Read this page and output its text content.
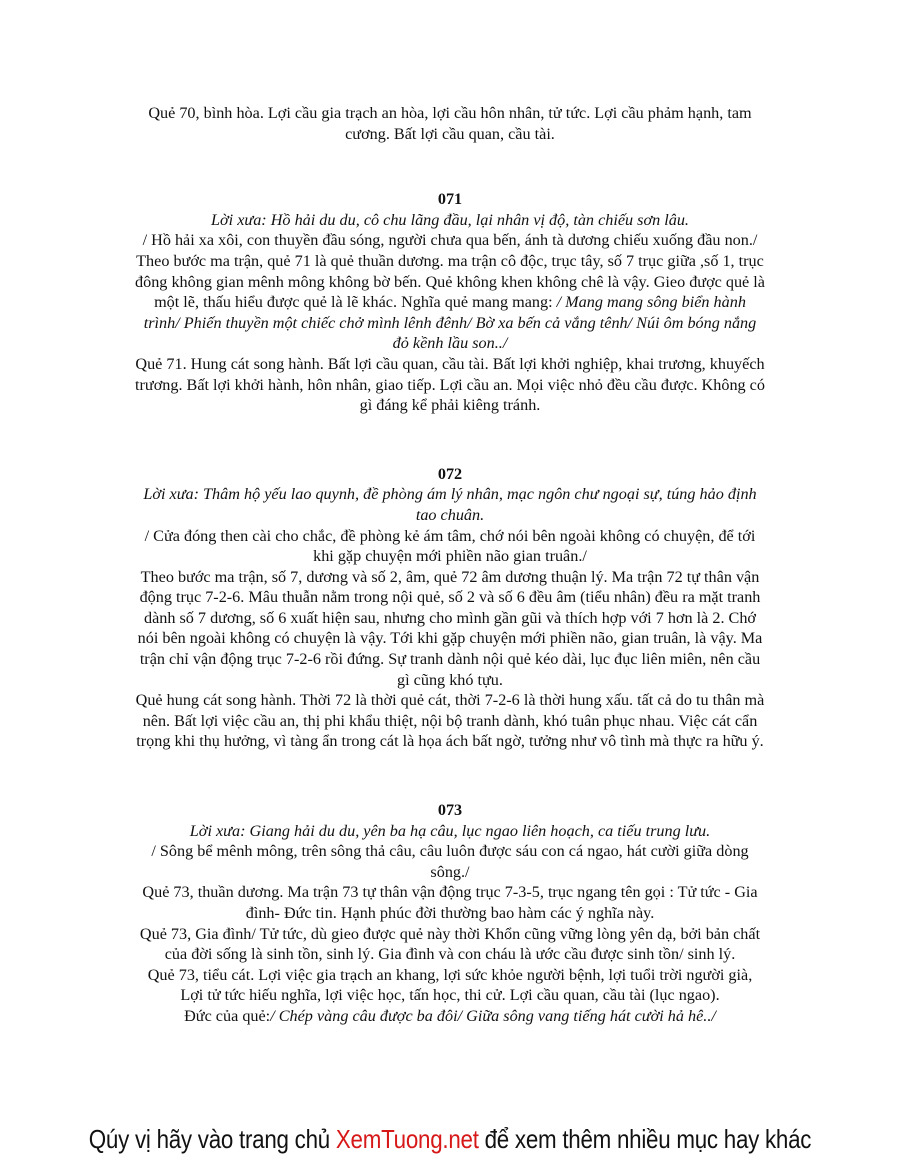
Quẻ 70, bình hòa. Lợi cầu gia trạch an hòa, lợi cầu hôn nhân, tử tức. Lợi cầu phảm hạnh, tam

cương. Bất lợi cầu quan, cầu tài.

071

Lời xưa: Hồ hải du du, cô chu lãng đầu, lại nhân vị độ, tàn chiếu sơn lâu.

/ Hồ hải xa xôi, con thuyền đầu sóng, người chưa qua bến, ánh tà dương chiếu xuống đầu non./

Theo bước ma trận, quẻ 71 là quẻ thuần dương. ma trận cô độc, trục tây, số 7 trục giữa ,số 1, trục

đông không gian mênh mông không bờ bến. Quẻ không khen không chê là vậy. Gieo được quẻ là

một lẽ, thấu hiểu được quẻ là lẽ khác. Nghĩa quẻ mang mang: / Mang mang sông biển hành

trình/ Phiến thuyền một chiếc chở mình lênh đênh/ Bờ xa bến cả vắng tênh/ Núi ôm bóng nắng

đỏ kềnh lầu son../

Quẻ 71. Hung cát song hành. Bất lợi cầu quan, cầu tài. Bất lợi khởi nghiệp, khai trương, khuyếch

trương. Bất lợi khởi hành, hôn nhân, giao tiếp. Lợi cầu an. Mọi việc nhỏ đều cầu được. Không có

gì đáng kể phải kiêng tránh.

072

Lời xưa: Thâm hộ yếu lao quynh, đề phòng ám lý nhân, mạc ngôn chư ngoại sự, túng hảo định

tao chuân.

/ Cửa đóng then cài cho chắc, đề phòng kẻ ám tâm, chớ nói bên ngoài không có chuyện, để tới

khi gặp chuyện mới phiền não gian truân./

Theo bước ma trận, số 7, dương và số 2, âm, quẻ 72 âm dương thuận lý. Ma trận 72 tự thân vận

động trục 7-2-6. Mâu thuẫn nằm trong nội quẻ, số 2 và số 6 đều âm (tiểu nhân) đều ra mặt tranh

dành số 7 dương, số 6 xuất hiện sau, nhưng cho mình gần gũi và thích hợp với 7 hơn là 2. Chớ

nói bên ngoài không có chuyện là vậy. Tới khi gặp chuyện mới phiền não, gian truân, là vậy. Ma

trận chỉ vận động trục 7-2-6 rồi đứng. Sự tranh dành nội quẻ kéo dài, lục đục liên miên, nên cầu

gì cũng khó tựu.

Quẻ hung cát song hành. Thời 72 là thời quẻ cát, thời 7-2-6 là thời hung xấu. tất cả do tu thân mà

nên. Bất lợi việc cầu an, thị phi khẩu thiệt, nội bộ tranh dành, khó tuân phục nhau. Việc cát cẩn

trọng khi thụ hưởng, vì tàng ẩn trong cát là họa ách bất ngờ, tưởng như vô tình mà thực ra hữu ý.

073

Lời xưa: Giang hải du du, yên ba hạ câu, lục ngao liên hoạch, ca tiếu trung lưu.

/ Sông bể mênh mông, trên sông thả câu, câu luôn được sáu con cá ngao, hát cười giữa dòng

sông./

Quẻ 73, thuần dương. Ma trận 73 tự thân vận động trục 7-3-5, trục ngang tên gọi : Tử tức - Gia

đình- Đức tin. Hạnh phúc đời thường bao hàm các ý nghĩa này.

Quẻ 73, Gia đình/ Tử tức, dù gieo được quẻ này thời Khổn cũng vững lòng yên dạ, bởi bản chất

của đời sống là sinh tồn, sinh lý. Gia đình và con cháu là ước cầu được sinh tồn/ sinh lý.

Quẻ 73, tiểu cát. Lợi việc gia trạch an khang, lợi sức khỏe người bệnh, lợi tuổi trời người già,

Lợi tử tức hiếu nghĩa, lợi việc học, tấn học, thi cử. Lợi cầu quan, cầu tài (lục ngao).

Đức của quẻ:/ Chép vàng câu được ba đôi/ Giữa sông vang tiếng hát cười hả hê../

Qúy vị hãy vào trang chủ XemTuong.net để xem thêm nhiều mục hay khác
